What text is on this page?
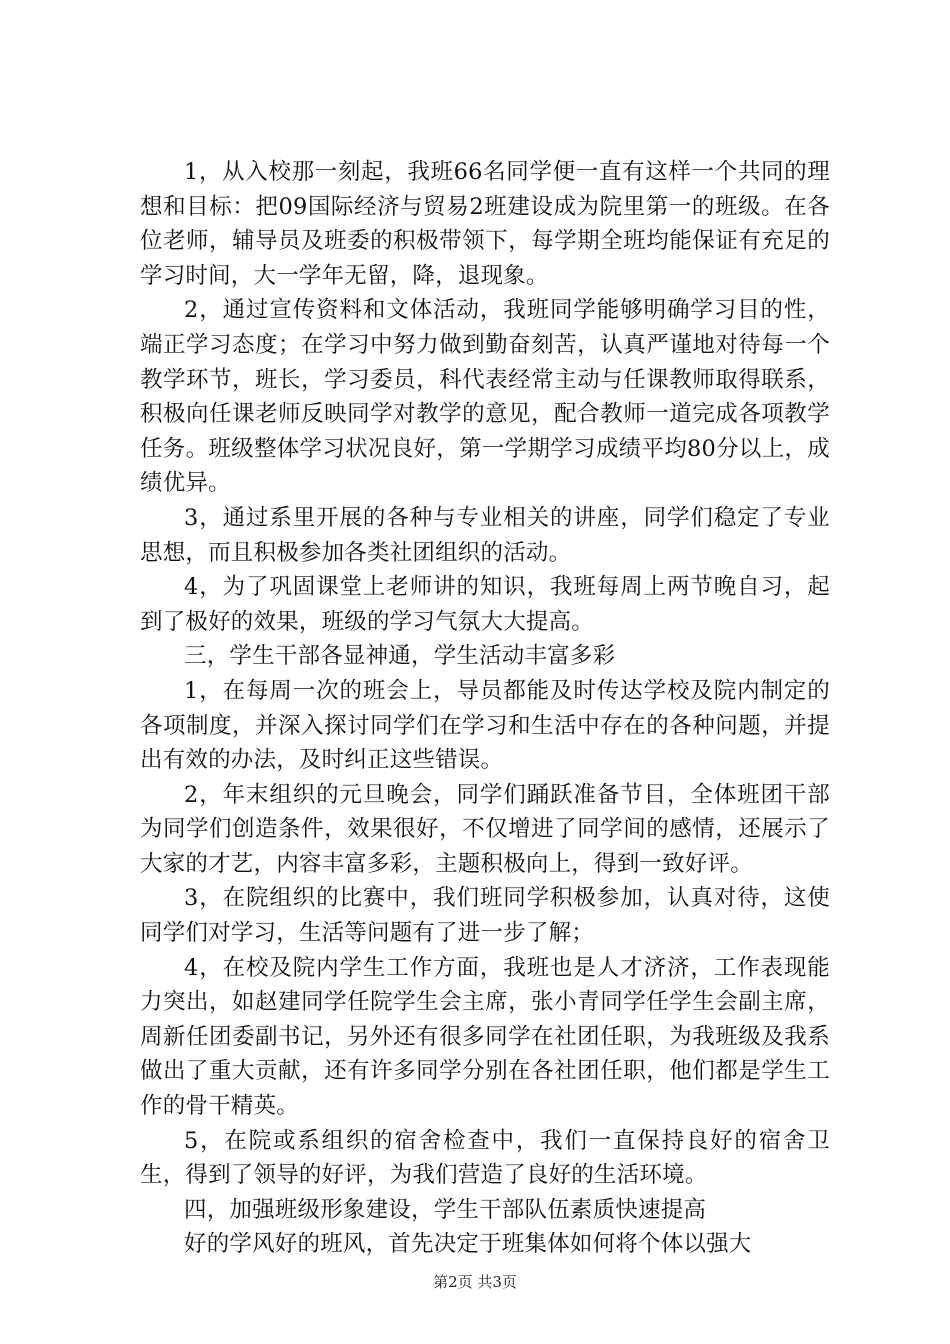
1，从入校那一刻起，我班66名同学便一直有这样一个共同的理想和目标：把09国际经济与贸易2班建设成为院里第一的班级。在各位老师，辅导员及班委的积极带领下，每学期全班均能保证有充足的学习时间，大一学年无留，降，退现象。

2，通过宣传资料和文体活动，我班同学能够明确学习目的性，端正学习态度；在学习中努力做到勤奋刻苦，认真严谨地对待每一个教学环节，班长，学习委员，科代表经常主动与任课教师取得联系，积极向任课老师反映同学对教学的意见，配合教师一道完成各项教学任务。班级整体学习状况良好，第一学期学习成绩平均80分以上，成绩优异。

3，通过系里开展的各种与专业相关的讲座，同学们稳定了专业思想，而且积极参加各类社团组织的活动。

4，为了巩固课堂上老师讲的知识，我班每周上两节晚自习，起到了极好的效果，班级的学习气氛大大提高。

三，学生干部各显神通，学生活动丰富多彩

1，在每周一次的班会上，导员都能及时传达学校及院内制定的各项制度，并深入探讨同学们在学习和生活中存在的各种问题，并提出有效的办法，及时纠正这些错误。

2，年末组织的元旦晚会，同学们踊跃准备节目，全体班团干部为同学们创造条件，效果很好，不仅增进了同学间的感情，还展示了大家的才艺，内容丰富多彩，主题积极向上，得到一致好评。

3，在院组织的比赛中，我们班同学积极参加，认真对待，这使同学们对学习，生活等问题有了进一步了解；

4，在校及院内学生工作方面，我班也是人才济济，工作表现能力突出，如赵建同学任院学生会主席，张小青同学任学生会副主席，周新任团委副书记，另外还有很多同学在社团任职，为我班级及我系做出了重大贡献，还有许多同学分别在各社团任职，他们都是学生工作的骨干精英。

5，在院或系组织的宿舍检查中，我们一直保持良好的宿舍卫生，得到了领导的好评，为我们营造了良好的生活环境。

四，加强班级形象建设，学生干部队伍素质快速提高

好的学风好的班风，首先决定于班集体如何将个体以强大

第2页 共3页
